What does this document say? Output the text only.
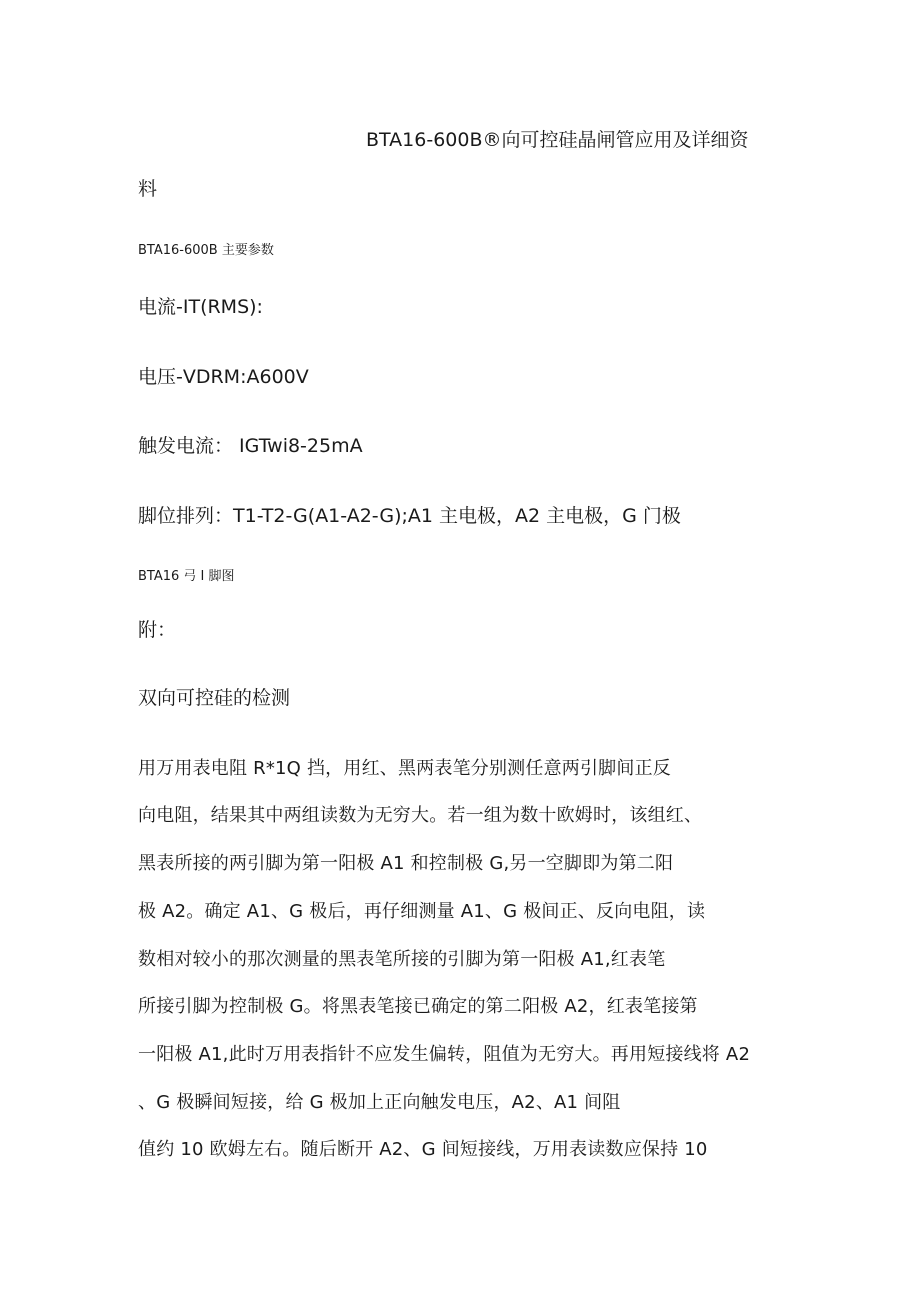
BTA16-600B®向可控硅晶闸管应用及详细资
料
BTA16-600B 主要参数
电流-IT(RMS):
电压-VDRM:A600V
触发电流： IGTwi8-25mA
脚位排列：T1-T2-G(A1-A2-G);A1 主电极，A2 主电极，G 门极
BTA16 弓 I 脚图
附：
双向可控硅的检测
用万用表电阻 R*1Q 挡，用红、黑两表笔分别测任意两引脚间正反
向电阻，结果其中两组读数为无穷大。若一组为数十欧姆时，该组红、
黑表所接的两引脚为第一阳极 A1 和控制极 G,另一空脚即为第二阳
极 A2。确定 A1、G 极后，再仔细测量 A1、G 极间正、反向电阻，读
数相对较小的那次测量的黑表笔所接的引脚为第一阳极 A1,红表笔
所接引脚为控制极 G。将黑表笔接已确定的第二阳极 A2，红表笔接第
一阳极 A1,此时万用表指针不应发生偏转，阻值为无穷大。再用短接线将 A2
、G 极瞬间短接，给 G 极加上正向触发电压，A2、A1 间阻
值约 10 欧姆左右。随后断开 A2、G 间短接线，万用表读数应保持 10
